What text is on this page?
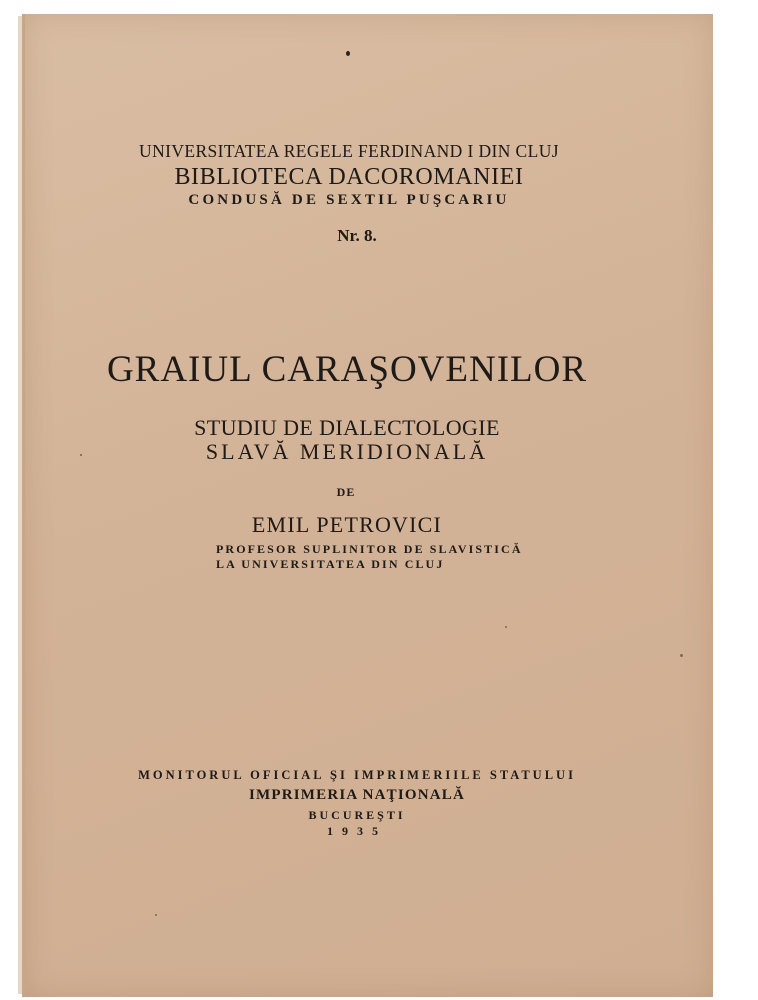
UNIVERSITATEA REGELE FERDINAND I DIN CLUJ
BIBLIOTECA DACOROMANIEI
CONDUSĂ DE SEXTIL PUŞCARIU
Nr. 8.
GRAIUL CARAŞOVENILOR
STUDIU DE DIALECTOLOGIE
SLAVĂ MERIDIONALĂ
DE
EMIL PETROVICI
PROFESOR SUPLINITOR DE SLAVISTICĂ
LA UNIVERSITATEA DIN CLUJ
MONITORUL OFICIAL ŞI IMPRIMERIILE STATULUI
IMPRIMERIA NAŢIONALĂ
BUCUREŞTI
1935
